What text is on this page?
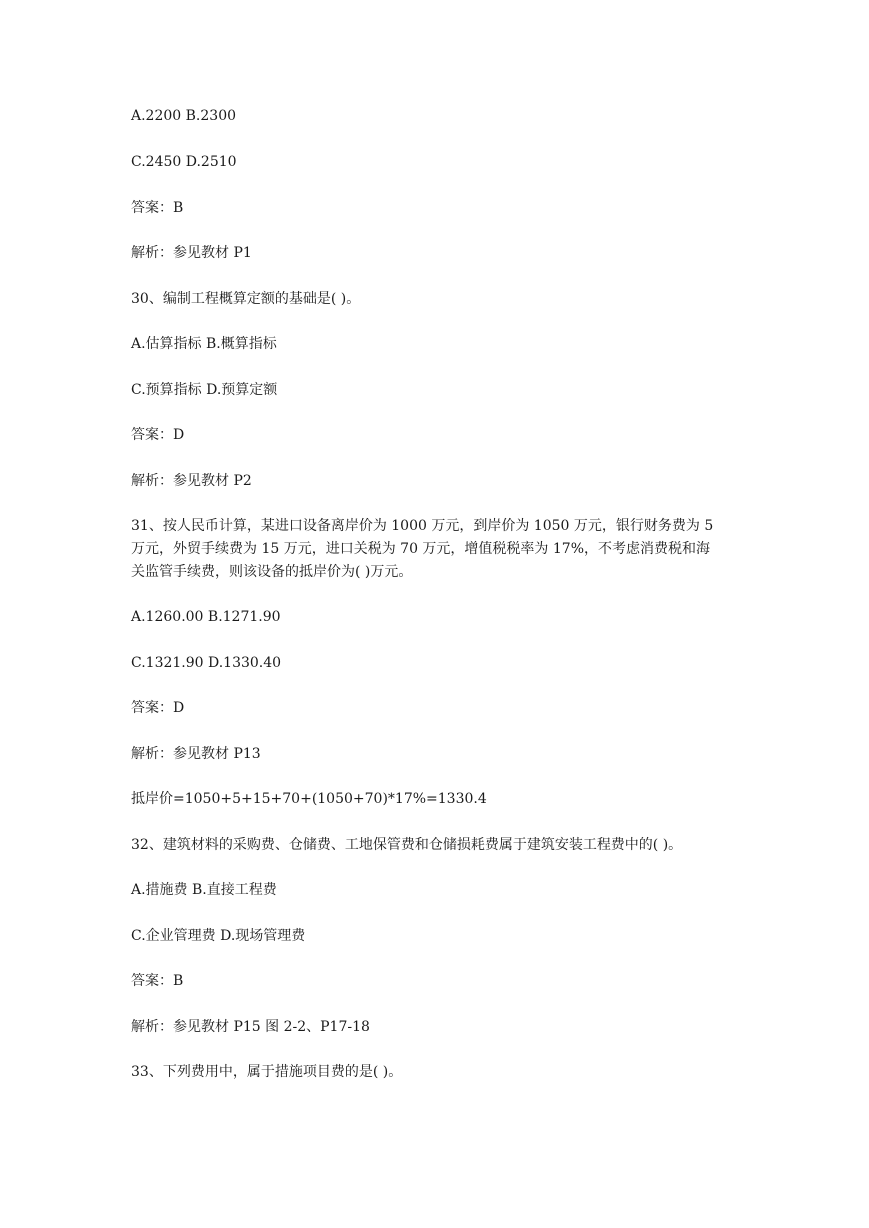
A.2200 B.2300

C.2450 D.2510

答案：B

解析：参见教材 P1

30、编制工程概算定额的基础是( )。

A.估算指标 B.概算指标

C.预算指标 D.预算定额

答案：D

解析：参见教材 P2

31、按人民币计算，某进口设备离岸价为 1000 万元，到岸价为 1050 万元，银行财务费为 5

万元，外贸手续费为 15 万元，进口关税为 70 万元，增值税税率为 17%，不考虑消费税和海

关监管手续费，则该设备的抵岸价为( )万元。

A.1260.00 B.1271.90

C.1321.90 D.1330.40

答案：D

解析：参见教材 P13

抵岸价=1050+5+15+70+(1050+70)*17%=1330.4

32、建筑材料的采购费、仓储费、工地保管费和仓储损耗费属于建筑安装工程费中的( )。

A.措施费 B.直接工程费

C.企业管理费 D.现场管理费

答案：B

解析：参见教材 P15 图 2-2、P17-18

33、下列费用中，属于措施项目费的是( )。
